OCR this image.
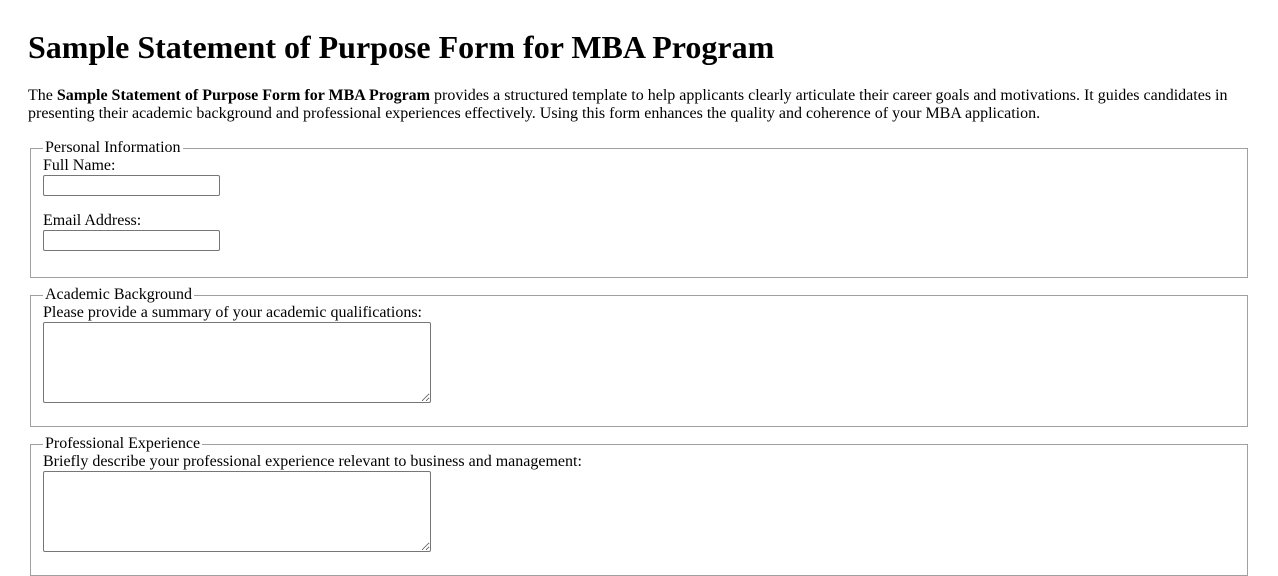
Sample Statement of Purpose Form for MBA Program

The Sample Statement of Purpose Form for MBA Program provides a structured template to help applicants clearly articulate their career goals and motivations. It guides candidates in presenting their academic background and professional experiences effectively. Using this form enhances the quality and coherence of your MBA application.

Personal Information
Full Name:
Email Address:
Academic Background
Please provide a summary of your academic qualifications:
Professional Experience
Briefly describe your professional experience relevant to business and management:
